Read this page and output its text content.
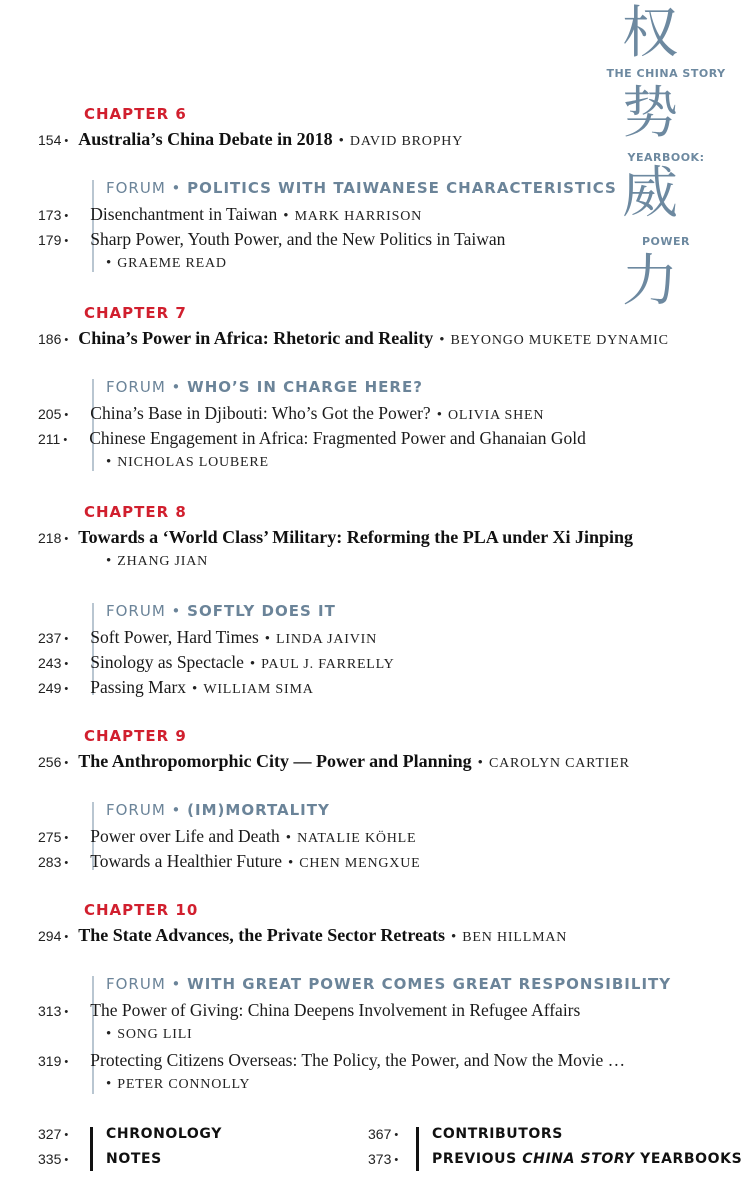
权
THE CHINA STORY
势
YEARBOOK:
威
POWER
力
CHAPTER 6
154 • Australia’s China Debate in 2018 • DAVID BROPHY
FORUM • POLITICS WITH TAIWANESE CHARACTERISTICS
173 • Disenchantment in Taiwan • MARK HARRISON
179 • Sharp Power, Youth Power, and the New Politics in Taiwan
• GRAEME READ
CHAPTER 7
186 • China’s Power in Africa: Rhetoric and Reality • BEYONGO MUKETE DYNAMIC
FORUM • WHO’S IN CHARGE HERE?
205 • China’s Base in Djibouti: Who’s Got the Power? • OLIVIA SHEN
211 • Chinese Engagement in Africa: Fragmented Power and Ghanaian Gold
• NICHOLAS LOUBERE
CHAPTER 8
218 • Towards a ‘World Class’ Military: Reforming the PLA under Xi Jinping
• ZHANG JIAN
FORUM • SOFTLY DOES IT
237 • Soft Power, Hard Times • LINDA JAIVIN
243 • Sinology as Spectacle • PAUL J. FARRELLY
249 • Passing Marx • WILLIAM SIMA
CHAPTER 9
256 • The Anthropomorphic City — Power and Planning • CAROLYN CARTIER
FORUM • (IM)MORTALITY
275 • Power over Life and Death • NATALIE KÖHLE
283 • Towards a Healthier Future • CHEN MENGXUE
CHAPTER 10
294 • The State Advances, the Private Sector Retreats • BEN HILLMAN
FORUM • WITH GREAT POWER COMES GREAT RESPONSIBILITY
313 • The Power of Giving: China Deepens Involvement in Refugee Affairs
• SONG LILI
319 • Protecting Citizens Overseas: The Policy, the Power, and Now the Movie …
• PETER CONNOLLY
327 •	CHRONOLOGY
335 •	NOTES
367 • CONTRIBUTORS
373 • PREVIOUS CHINA STORY YEARBOOKS
